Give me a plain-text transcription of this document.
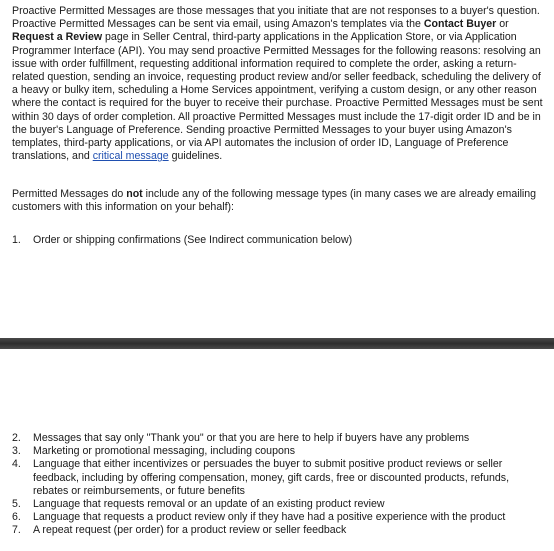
Proactive Permitted Messages are those messages that you initiate that are not responses to a buyer's question. Proactive Permitted Messages can be sent via email, using Amazon's templates via the Contact Buyer or Request a Review page in Seller Central, third-party applications in the Application Store, or via Application Programmer Interface (API). You may send proactive Permitted Messages for the following reasons: resolving an issue with order fulfillment, requesting additional information required to complete the order, asking a return-related question, sending an invoice, requesting product review and/or seller feedback, scheduling the delivery of a heavy or bulky item, scheduling a Home Services appointment, verifying a custom design, or any other reason where the contact is required for the buyer to receive their purchase. Proactive Permitted Messages must be sent within 30 days of order completion. All proactive Permitted Messages must include the 17-digit order ID and be in the buyer's Language of Preference. Sending proactive Permitted Messages to your buyer using Amazon's templates, third-party applications, or via API automates the inclusion of order ID, Language of Preference translations, and critical message guidelines.

Permitted Messages do not include any of the following message types (in many cases we are already emailing customers with this information on your behalf):

1. Order or shipping confirmations (See Indirect communication below)
2. Messages that say only "Thank you" or that you are here to help if buyers have any problems
3. Marketing or promotional messaging, including coupons
4. Language that either incentivizes or persuades the buyer to submit positive product reviews or seller feedback, including by offering compensation, money, gift cards, free or discounted products, refunds, rebates or reimbursements, or future benefits
5. Language that requests removal or an update of an existing product review
6. Language that requests a product review only if they have had a positive experience with the product
7. A repeat request (per order) for a product review or seller feedback
